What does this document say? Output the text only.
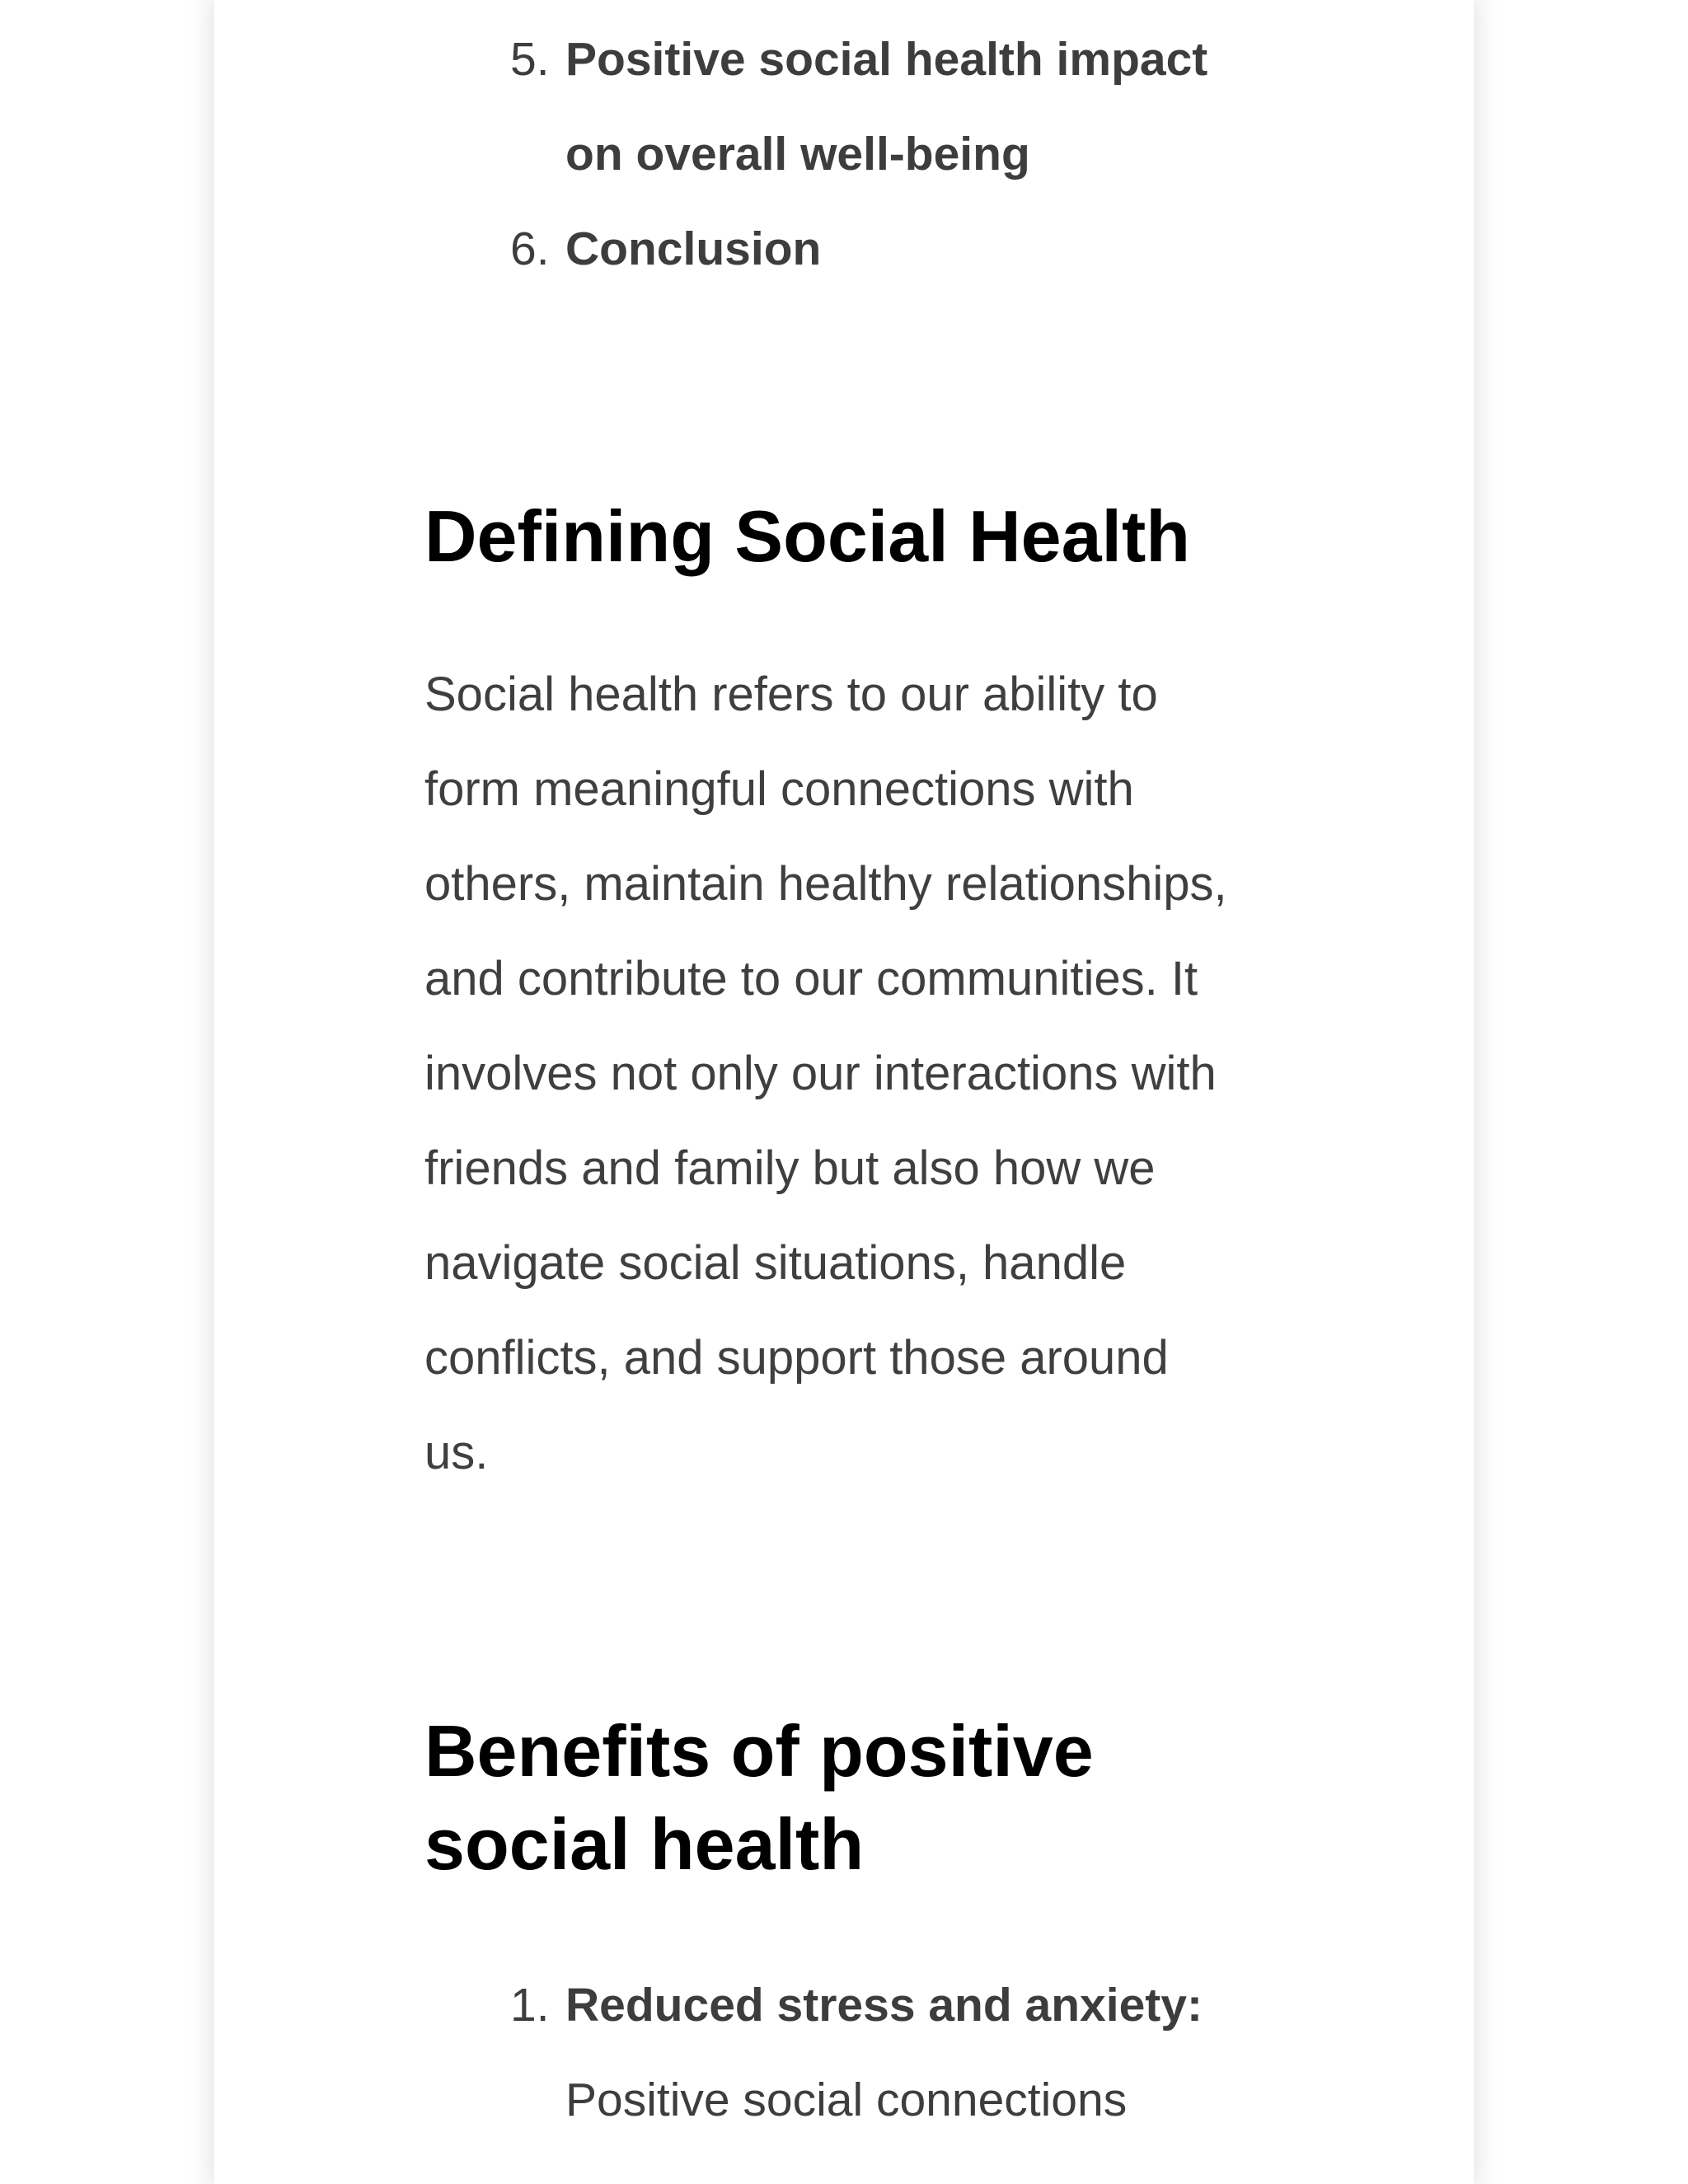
5. Positive social health impact
on overall well-being
6. Conclusion
Defining Social Health

Social health refers to our ability to
form meaningful connections with
others, maintain healthy relationships,
and contribute to our communities. It
involves not only our interactions with
friends and family but also how we
navigate social situations, handle
conflicts, and support those around
us.

Benefits of positive
social health
1. Reduced stress and anxiety:
Positive social connections
